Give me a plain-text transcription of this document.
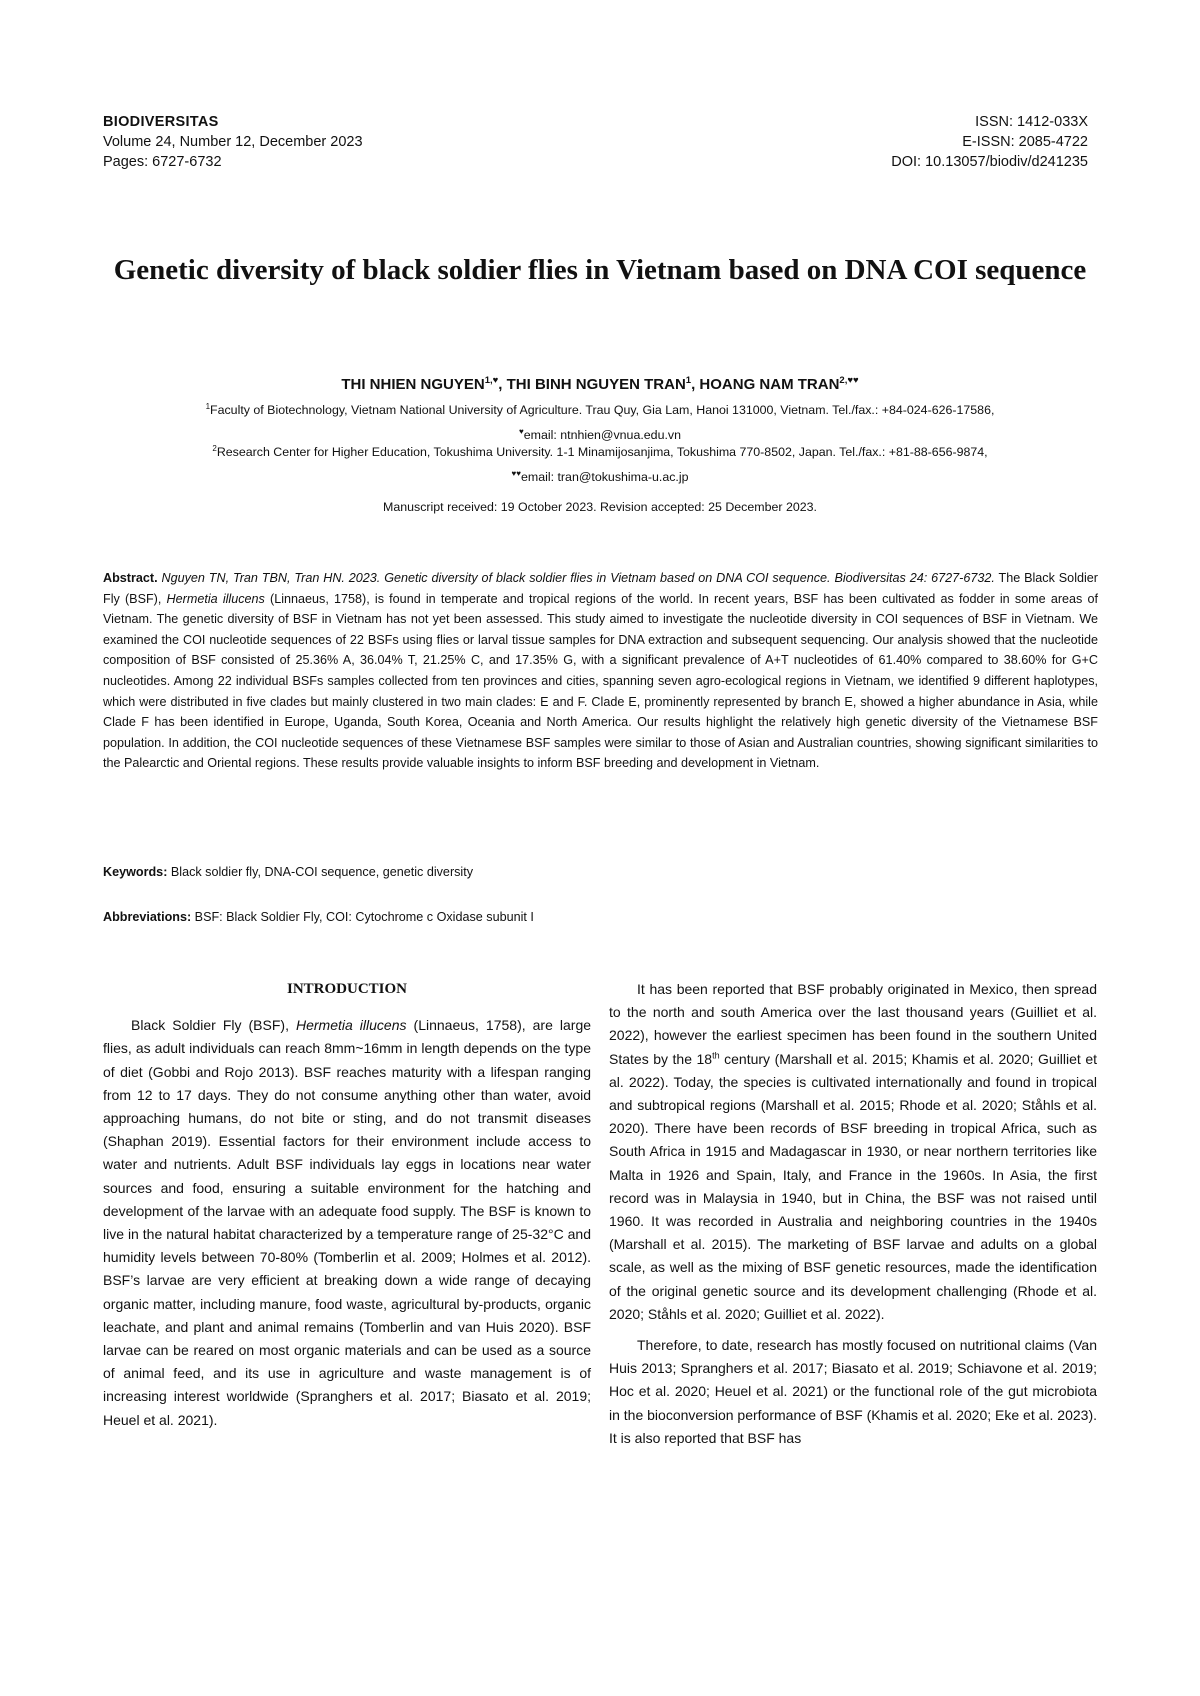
BIODIVERSITAS
Volume 24, Number 12, December 2023
Pages: 6727-6732
ISSN: 1412-033X
E-ISSN: 2085-4722
DOI: 10.13057/biodiv/d241235
Genetic diversity of black soldier flies in Vietnam based on DNA COI sequence
THI NHIEN $NGUYEN^{1,♥}$, THI BINH NGUYEN TRAN$^1$, HOANG NAM $TRAN^{2,♥♥}$
$^1$Faculty of Biotechnology, Vietnam National University of Agriculture. Trau Quy, Gia Lam, Hanoi 131000, Vietnam. Tel./fax.: +84-024-626-17586,
♥email: ntnhien@vnua.edu.vn
$^2$Research Center for Higher Education, Tokushima University. 1-1 Minamijosanjima, Tokushima 770-8502, Japan. Tel./fax.: +81-88-656-9874,
♥♥email: tran@tokushima-u.ac.jp
Manuscript received: 19 October 2023. Revision accepted: 25 December 2023.
Abstract. Nguyen TN, Tran TBN, Tran HN. 2023. Genetic diversity of black soldier flies in Vietnam based on DNA COI sequence. Biodiversitas 24: 6727-6732. The Black Soldier Fly (BSF), Hermetia illucens (Linnaeus, 1758), is found in temperate and tropical regions of the world. In recent years, BSF has been cultivated as fodder in some areas of Vietnam. The genetic diversity of BSF in Vietnam has not yet been assessed. This study aimed to investigate the nucleotide diversity in COI sequences of BSF in Vietnam. We examined the COI nucleotide sequences of 22 BSFs using flies or larval tissue samples for DNA extraction and subsequent sequencing. Our analysis showed that the nucleotide composition of BSF consisted of 25.36% A, 36.04% T, 21.25% C, and 17.35% G, with a significant prevalence of A+T nucleotides of 61.40% compared to 38.60% for G+C nucleotides. Among 22 individual BSFs samples collected from ten provinces and cities, spanning seven agro-ecological regions in Vietnam, we identified 9 different haplotypes, which were distributed in five clades but mainly clustered in two main clades: E and F. Clade E, prominently represented by branch E, showed a higher abundance in Asia, while Clade F has been identified in Europe, Uganda, South Korea, Oceania and North America. Our results highlight the relatively high genetic diversity of the Vietnamese BSF population. In addition, the COI nucleotide sequences of these Vietnamese BSF samples were similar to those of Asian and Australian countries, showing significant similarities to the Palearctic and Oriental regions. These results provide valuable insights to inform BSF breeding and development in Vietnam.
Keywords: Black soldier fly, DNA-COI sequence, genetic diversity
Abbreviations: BSF: Black Soldier Fly, COI: Cytochrome c Oxidase subunit I
INTRODUCTION

Black Soldier Fly (BSF), Hermetia illucens (Linnaeus, 1758), are large flies, as adult individuals can reach 8mm~16mm in length depends on the type of diet (Gobbi and Rojo 2013). BSF reaches maturity with a lifespan ranging from 12 to 17 days. They do not consume anything other than water, avoid approaching humans, do not bite or sting, and do not transmit diseases (Shaphan 2019). Essential factors for their environment include access to water and nutrients. Adult BSF individuals lay eggs in locations near water sources and food, ensuring a suitable environment for the hatching and development of the larvae with an adequate food supply. The BSF is known to live in the natural habitat characterized by a temperature range of 25-32°C and humidity levels between 70-80% (Tomberlin et al. 2009; Holmes et al. 2012). BSF’s larvae are very efficient at breaking down a wide range of decaying organic matter, including manure, food waste, agricultural by-products, organic leachate, and plant and animal remains (Tomberlin and van Huis 2020). BSF larvae can be reared on most organic materials and can be used as a source of animal feed, and its use in agriculture and waste management is of increasing interest worldwide (Spranghers et al. 2017; Biasato et al. 2019; Heuel et al. 2021).

It has been reported that BSF probably originated in Mexico, then spread to the north and south America over the last thousand years (Guilliet et al. 2022), however the earliest specimen has been found in the southern United States by the 18th century (Marshall et al. 2015; Khamis et al. 2020; Guilliet et al. 2022). Today, the species is cultivated internationally and found in tropical and subtropical regions (Marshall et al. 2015; Rhode et al. 2020; Ståhls et al. 2020). There have been records of BSF breeding in tropical Africa, such as South Africa in 1915 and Madagascar in 1930, or near northern territories like Malta in 1926 and Spain, Italy, and France in the 1960s. In Asia, the first record was in Malaysia in 1940, but in China, the BSF was not raised until 1960. It was recorded in Australia and neighboring countries in the 1940s (Marshall et al. 2015). The marketing of BSF larvae and adults on a global scale, as well as the mixing of BSF genetic resources, made the identification of the original genetic source and its development challenging (Rhode et al. 2020; Ståhls et al. 2020; Guilliet et al. 2022).

Therefore, to date, research has mostly focused on nutritional claims (Van Huis 2013; Spranghers et al. 2017; Biasato et al. 2019; Schiavone et al. 2019; Hoc et al. 2020; Heuel et al. 2021) or the functional role of the gut microbiota in the bioconversion performance of BSF (Khamis et al. 2020; Eke et al. 2023). It is also reported that BSF has
